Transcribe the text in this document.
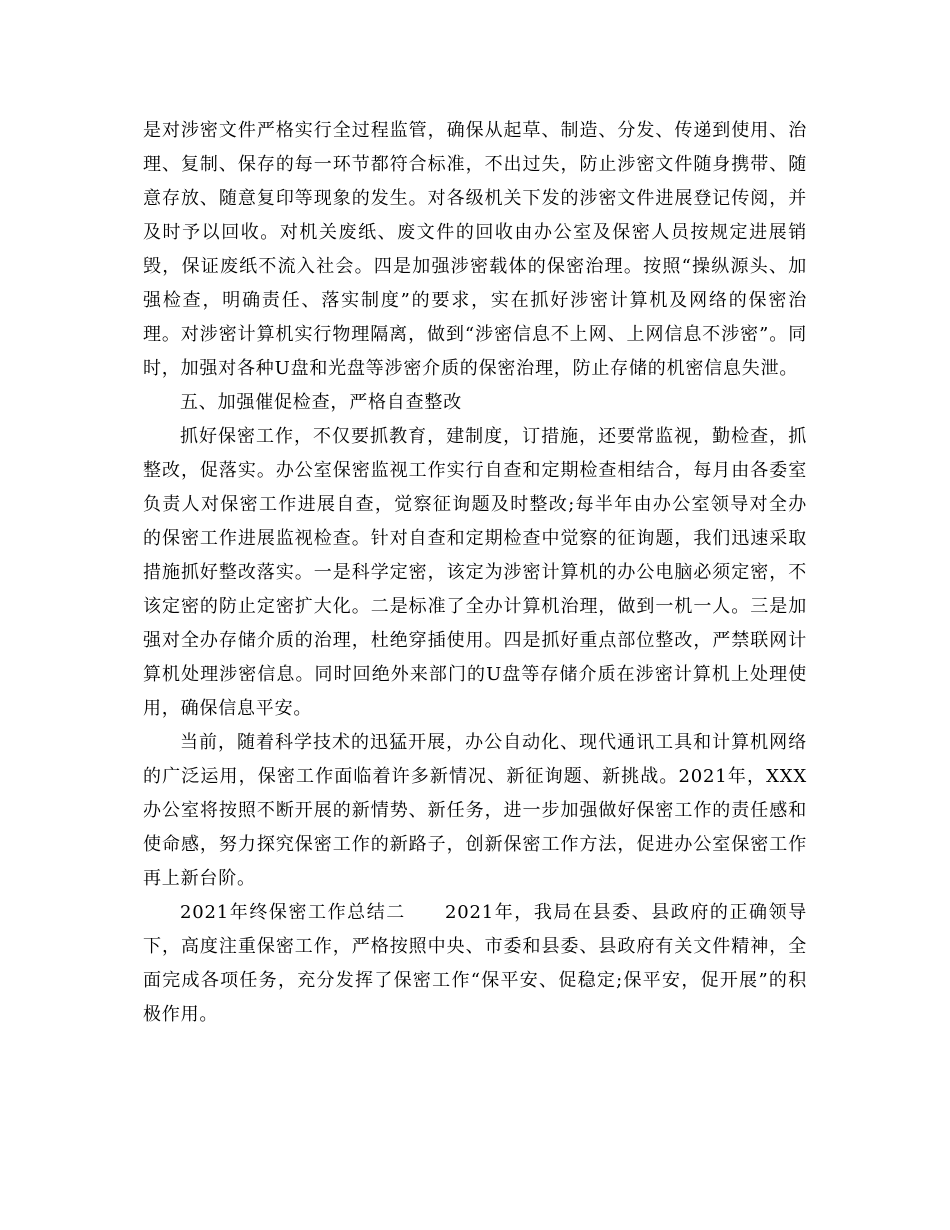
是对涉密文件严格实行全过程监管，确保从起草、制造、分发、传递到使用、治理、复制、保存的每一环节都符合标准，不出过失，防止涉密文件随身携带、随意存放、随意复印等现象的发生。对各级机关下发的涉密文件进展登记传阅，并及时予以回收。对机关废纸、废文件的回收由办公室及保密人员按规定进展销毁，保证废纸不流入社会。四是加强涉密载体的保密治理。按照“操纵源头、加强检查，明确责任、落实制度”的要求，实在抓好涉密计算机及网络的保密治理。对涉密计算机实行物理隔离，做到“涉密信息不上网、上网信息不涉密”。同时，加强对各种U盘和光盘等涉密介质的保密治理，防止存储的机密信息失泄。

五、加强催促检查，严格自查整改

抓好保密工作，不仅要抓教育，建制度，订措施，还要常监视，勤检查，抓整改，促落实。办公室保密监视工作实行自查和定期检查相结合，每月由各委室负责人对保密工作进展自查，觉察征询题及时整改;每半年由办公室领导对全办的保密工作进展监视检查。针对自查和定期检查中觉察的征询题，我们迅速采取措施抓好整改落实。一是科学定密，该定为涉密计算机的办公电脑必须定密，不该定密的防止定密扩大化。二是标准了全办计算机治理，做到一机一人。三是加强对全办存储介质的治理，杜绝穿插使用。四是抓好重点部位整改，严禁联网计算机处理涉密信息。同时回绝外来部门的U盘等存储介质在涉密计算机上处理使用，确保信息平安。

当前，随着科学技术的迅猛开展，办公自动化、现代通讯工具和计算机网络的广泛运用，保密工作面临着许多新情况、新征询题、新挑战。2021年，XXX办公室将按照不断开展的新情势、新任务，进一步加强做好保密工作的责任感和使命感，努力探究保密工作的新路子，创新保密工作方法，促进办公室保密工作再上新台阶。

2021年终保密工作总结二　　2021年，我局在县委、县政府的正确领导下，高度注重保密工作，严格按照中央、市委和县委、县政府有关文件精神，全面完成各项任务，充分发挥了保密工作“保平安、促稳定;保平安，促开展”的积极作用。
